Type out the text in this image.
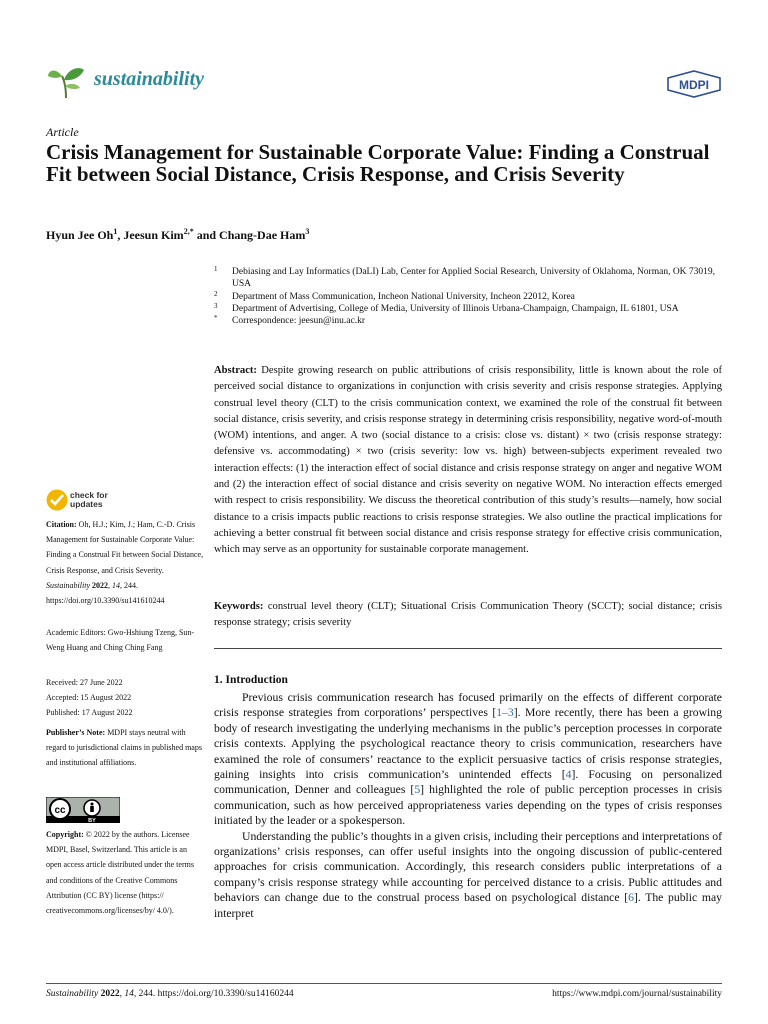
sustainability	MDPI
Article
Crisis Management for Sustainable Corporate Value: Finding a Construal Fit between Social Distance, Crisis Response, and Crisis Severity
Hyun Jee Oh$^1$, Jeesun Kim$^{2,*}$ and Chang-Dae Ham$^3$
1 Debiasing and Lay Informatics (DaLI) Lab, Center for Applied Social Research, University of Oklahoma, Norman, OK 73019, USA
2 Department of Mass Communication, Incheon National University, Incheon 22012, Korea
3 Department of Advertising, College of Media, University of Illinois Urbana-Champaign, Champaign, IL 61801, USA
* Correspondence: jeesun@inu.ac.kr
Abstract: Despite growing research on public attributions of crisis responsibility, little is known about the role of perceived social distance to organizations in conjunction with crisis severity and crisis response strategies. Applying construal level theory (CLT) to the crisis communication context, we examined the role of the construal fit between social distance, crisis severity, and crisis response strategy in determining crisis responsibility, negative word-of-mouth (WOM) intentions, and anger. A two (social distance to a crisis: close vs. distant) × two (crisis response strategy: defensive vs. accommodating) × two (crisis severity: low vs. high) between-subjects experiment revealed two interaction effects: (1) the interaction effect of social distance and crisis response strategy on anger and negative WOM and (2) the interaction effect of social distance and crisis severity on negative WOM. No interaction effects emerged with respect to crisis responsibility. We discuss the theoretical contribution of this study’s results—namely, how social distance to a crisis impacts public reactions to crisis response strategies. We also outline the practical implications for achieving a better construal fit between social distance and crisis response strategy for effective crisis communication, which may serve as an opportunity for sustainable corporate management.
Keywords: construal level theory (CLT); Situational Crisis Communication Theory (SCCT); social distance; crisis response strategy; crisis severity
1. Introduction

Previous crisis communication research has focused primarily on the effects of different corporate crisis response strategies from corporations’ perspectives [1–3]. More recently, there has been a growing body of research investigating the underlying mechanisms in the public’s perception processes in corporate crisis contexts. Applying the psychological reactance theory to crisis communication, researchers have examined the role of consumers’ reactance to the explicit persuasive tactics of crisis response strategies, gaining insights into crisis communication’s unintended effects [4]. Focusing on personalized communication, Denner and colleagues [5] highlighted the role of public perception processes in crisis communication, such as how perceived appropriateness varies depending on the types of crisis responses initiated by the leader or a spokesperson.

Understanding the public’s thoughts in a given crisis, including their perceptions and interpretations of organizations’ crisis responses, can offer useful insights into the ongoing discussion of public-centered approaches for crisis communication. Accordingly, this research considers public interpretations of a company’s crisis response strategy while accounting for perceived distance to a crisis. Public attitudes and behaviors can change due to the construal process based on psychological distance [6]. The public may interpret

check for
updates
Citation: Oh, H.J.; Kim, J.; Ham, C.-D. Crisis Management for Sustainable Corporate Value: Finding a Construal Fit between Social Distance, Crisis Response, and Crisis Severity. Sustainability 2022, 14, 244. https://doi.org/10.3390/su141610244
Academic Editors: Gwo-Hshiung Tzeng, Sun-Weng Huang and Ching Ching Fang
Received: 27 June 2022
Accepted: 15 August 2022
Published: 17 August 2022
Publisher’s Note: MDPI stays neutral with regard to jurisdictional claims in published maps and institutional affiliations.
cc
BY
Copyright: © 2022 by the authors. Licensee MDPI, Basel, Switzerland. This article is an open access article distributed under the terms and conditions of the Creative Commons Attribution (CC BY) license (https:// creativecommons.org/licenses/by/ 4.0/).
Sustainability 2022, 14, 244. https://doi.org/10.3390/su14160244	https://www.mdpi.com/journal/sustainability
